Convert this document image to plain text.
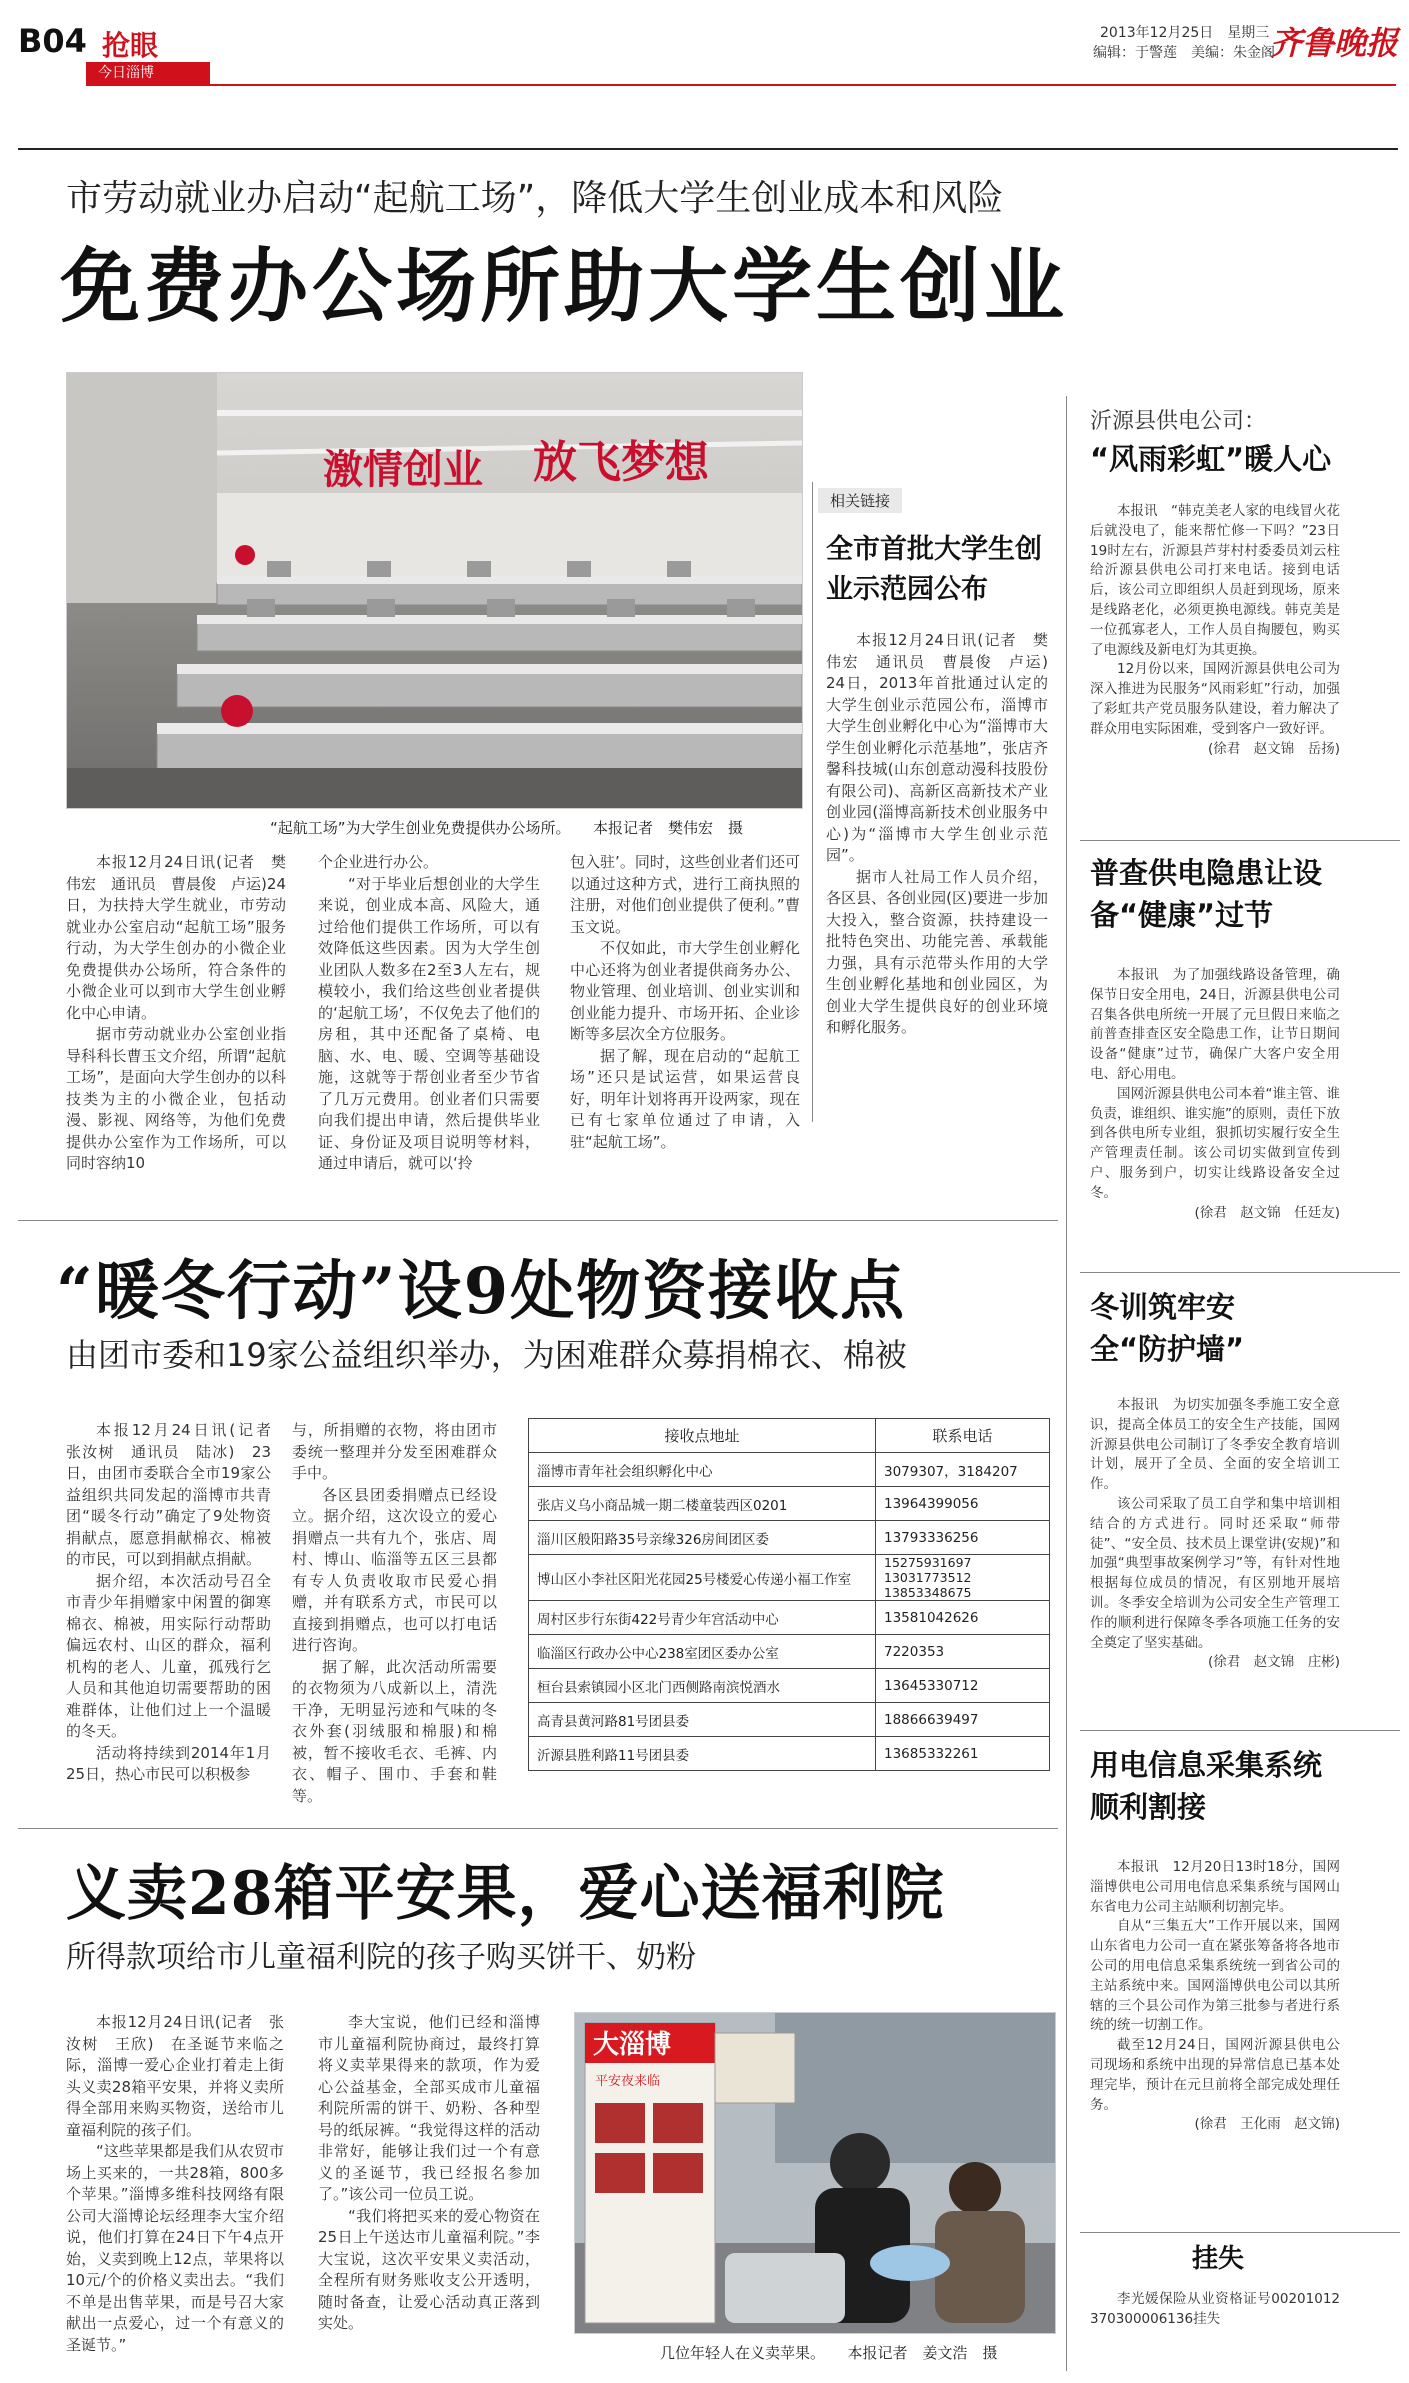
B04 抢眼
今日淄博
2013年12月25日　星期三
编辑：于警莲　美编：朱金阁
齐鲁晚报
市劳动就业办启动“起航工场”，降低大学生创业成本和风险
免费办公场所助大学生创业
激情创业 放飞梦想
“起航工场”为大学生创业免费提供办公场所。　　本报记者　樊伟宏　摄

本报12月24日讯(记者　樊伟宏　通讯员　曹晨俊　卢运)24日，为扶持大学生就业，市劳动就业办公室启动“起航工场”服务行动，为大学生创办的小微企业免费提供办公场所，符合条件的小微企业可以到市大学生创业孵化中心申请。

据市劳动就业办公室创业指导科科长曹玉文介绍，所谓“起航工场”，是面向大学生创办的以科技类为主的小微企业，包括动漫、影视、网络等，为他们免费提供办公室作为工作场所，可以同时容纳10

个企业进行办公。

“对于毕业后想创业的大学生来说，创业成本高、风险大，通过给他们提供工作场所，可以有效降低这些因素。因为大学生创业团队人数多在2至3人左右，规模较小，我们给这些创业者提供的‘起航工场’，不仅免去了他们的房租，其中还配备了桌椅、电脑、水、电、暖、空调等基础设施，这就等于帮创业者至少节省了几万元费用。创业者们只需要向我们提出申请，然后提供毕业证、身份证及项目说明等材料，通过申请后，就可以‘拎

包入驻’。同时，这些创业者们还可以通过这种方式，进行工商执照的注册，对他们创业提供了便利。”曹玉文说。

不仅如此，市大学生创业孵化中心还将为创业者提供商务办公、物业管理、创业培训、创业实训和创业能力提升、市场开拓、企业诊断等多层次全方位服务。

据了解，现在启动的“起航工场”还只是试运营，如果运营良好，明年计划将再开设两家，现在已有七家单位通过了申请，入驻“起航工场”。

相关链接
全市首批大学生创业示范园公布

本报12月24日讯(记者　樊伟宏　通讯员　曹晨俊　卢运)　24日，2013年首批通过认定的大学生创业示范园公布，淄博市大学生创业孵化中心为“淄博市大学生创业孵化示范基地”，张店齐馨科技城(山东创意动漫科技股份有限公司)、高新区高新技术产业创业园(淄博高新技术创业服务中心)为“淄博市大学生创业示范园”。

据市人社局工作人员介绍，各区县、各创业园(区)要进一步加大投入，整合资源，扶持建设一批特色突出、功能完善、承载能力强，具有示范带头作用的大学生创业孵化基地和创业园区，为创业大学生提供良好的创业环境和孵化服务。

“暖冬行动”设9处物资接收点
由团市委和19家公益组织举办，为困难群众募捐棉衣、棉被

本报12月24日讯(记者　张汝树　通讯员　陆冰)　23日，由团市委联合全市19家公益组织共同发起的淄博市共青团“暖冬行动”确定了9处物资捐献点，愿意捐献棉衣、棉被的市民，可以到捐献点捐献。

据介绍，本次活动号召全市青少年捐赠家中闲置的御寒棉衣、棉被，用实际行动帮助偏远农村、山区的群众，福利机构的老人、儿童，孤残行乞人员和其他迫切需要帮助的困难群体，让他们过上一个温暖的冬天。

活动将持续到2014年1月25日，热心市民可以积极参

与，所捐赠的衣物，将由团市委统一整理并分发至困难群众手中。

各区县团委捐赠点已经设立。据介绍，这次设立的爱心捐赠点一共有九个，张店、周村、博山、临淄等五区三县都有专人负责收取市民爱心捐赠，并有联系方式，市民可以直接到捐赠点，也可以打电话进行咨询。

据了解，此次活动所需要的衣物须为八成新以上，清洗干净，无明显污迹和气味的冬衣外套(羽绒服和棉服)和棉被，暂不接收毛衣、毛裤、内衣、帽子、围巾、手套和鞋等。

接收点地址	联系电话
淄博市青年社会组织孵化中心	3079307，3184207
张店义乌小商品城一期二楼童装西区0201	13964399056
淄川区般阳路35号亲缘326房间团区委	13793336256
博山区小李社区阳光花园25号楼爱心传递小福工作室	15275931697 13031773512 13853348675
周村区步行东街422号青少年宫活动中心	13581042626
临淄区行政办公中心238室团区委办公室	7220353
桓台县索镇园小区北门西侧路南滨悦酒水	13645330712
高青县黄河路81号团县委	18866639497
沂源县胜利路11号团县委	13685332261
义卖28箱平安果，爱心送福利院
所得款项给市儿童福利院的孩子购买饼干、奶粉

本报12月24日讯(记者　张汝树　王欣)　在圣诞节来临之际，淄博一爱心企业打着走上街头义卖28箱平安果，并将义卖所得全部用来购买物资，送给市儿童福利院的孩子们。

“这些苹果都是我们从农贸市场上买来的，一共28箱，800多个苹果。”淄博多维科技网络有限公司大淄博论坛经理李大宝介绍说，他们打算在24日下午4点开始，义卖到晚上12点，苹果将以10元/个的价格义卖出去。“我们不单是出售苹果，而是号召大家献出一点爱心，过一个有意义的圣诞节。”

李大宝说，他们已经和淄博市儿童福利院协商过，最终打算将义卖苹果得来的款项，作为爱心公益基金，全部买成市儿童福利院所需的饼干、奶粉、各种型号的纸尿裤。“我觉得这样的活动非常好，能够让我们过一个有意义的圣诞节，我已经报名参加了。”该公司一位员工说。

“我们将把买来的爱心物资在25日上午送达市儿童福利院。”李大宝说，这次平安果义卖活动，全程所有财务账收支公开透明，随时备查，让爱心活动真正落到实处。

大淄博
平安夜来临
几位年轻人在义卖苹果。　　本报记者　姜文浩　摄
沂源县供电公司：
“风雨彩虹”暖人心

本报讯　“韩克美老人家的电线冒火花后就没电了，能来帮忙修一下吗？”23日19时左右，沂源县芦芽村村委委员刘云柱给沂源县供电公司打来电话。接到电话后，该公司立即组织人员赶到现场，原来是线路老化，必须更换电源线。韩克美是一位孤寡老人，工作人员自掏腰包，购买了电源线及新电灯为其更换。

12月份以来，国网沂源县供电公司为深入推进为民服务“风雨彩虹”行动，加强了彩虹共产党员服务队建设，着力解决了群众用电实际困难，受到客户一致好评。

(徐君　赵文锦　岳扬)

普查供电隐患让设备“健康”过节

本报讯　为了加强线路设备管理，确保节日安全用电，24日，沂源县供电公司召集各供电所统一开展了元旦假日来临之前普查排查区安全隐患工作，让节日期间设备“健康”过节，确保广大客户安全用电、舒心用电。

国网沂源县供电公司本着“谁主管、谁负责，谁组织、谁实施”的原则，责任下放到各供电所专业组，狠抓切实履行安全生产管理责任制。该公司切实做到宣传到户、服务到户，切实让线路设备安全过冬。

(徐君　赵文锦　任廷友)

冬训筑牢安全“防护墙”

本报讯　为切实加强冬季施工安全意识，提高全体员工的安全生产技能，国网沂源县供电公司制订了冬季安全教育培训计划，展开了全员、全面的安全培训工作。

该公司采取了员工自学和集中培训相结合的方式进行。同时还采取“师带徒”、“安全员、技术员上课堂讲(安规)”和加强“典型事故案例学习”等，有针对性地根据每位成员的情况，有区别地开展培训。冬季安全培训为公司安全生产管理工作的顺利进行保障冬季各项施工任务的安全奠定了坚实基础。

(徐君　赵文锦　庄彬)

用电信息采集系统顺利割接

本报讯　12月20日13时18分，国网淄博供电公司用电信息采集系统与国网山东省电力公司主站顺利切割完毕。

自从“三集五大”工作开展以来，国网山东省电力公司一直在紧张筹备将各地市公司的用电信息采集系统统一到省公司的主站系统中来。国网淄博供电公司以其所辖的三个县公司作为第三批参与者进行系统的统一切割工作。

截至12月24日，国网沂源县供电公司现场和系统中出现的异常信息已基本处理完毕，预计在元旦前将全部完成处理任务。

(徐君　王化雨　赵文锦)

挂失

李光媛保险从业资格证号00201012370300006136挂失
